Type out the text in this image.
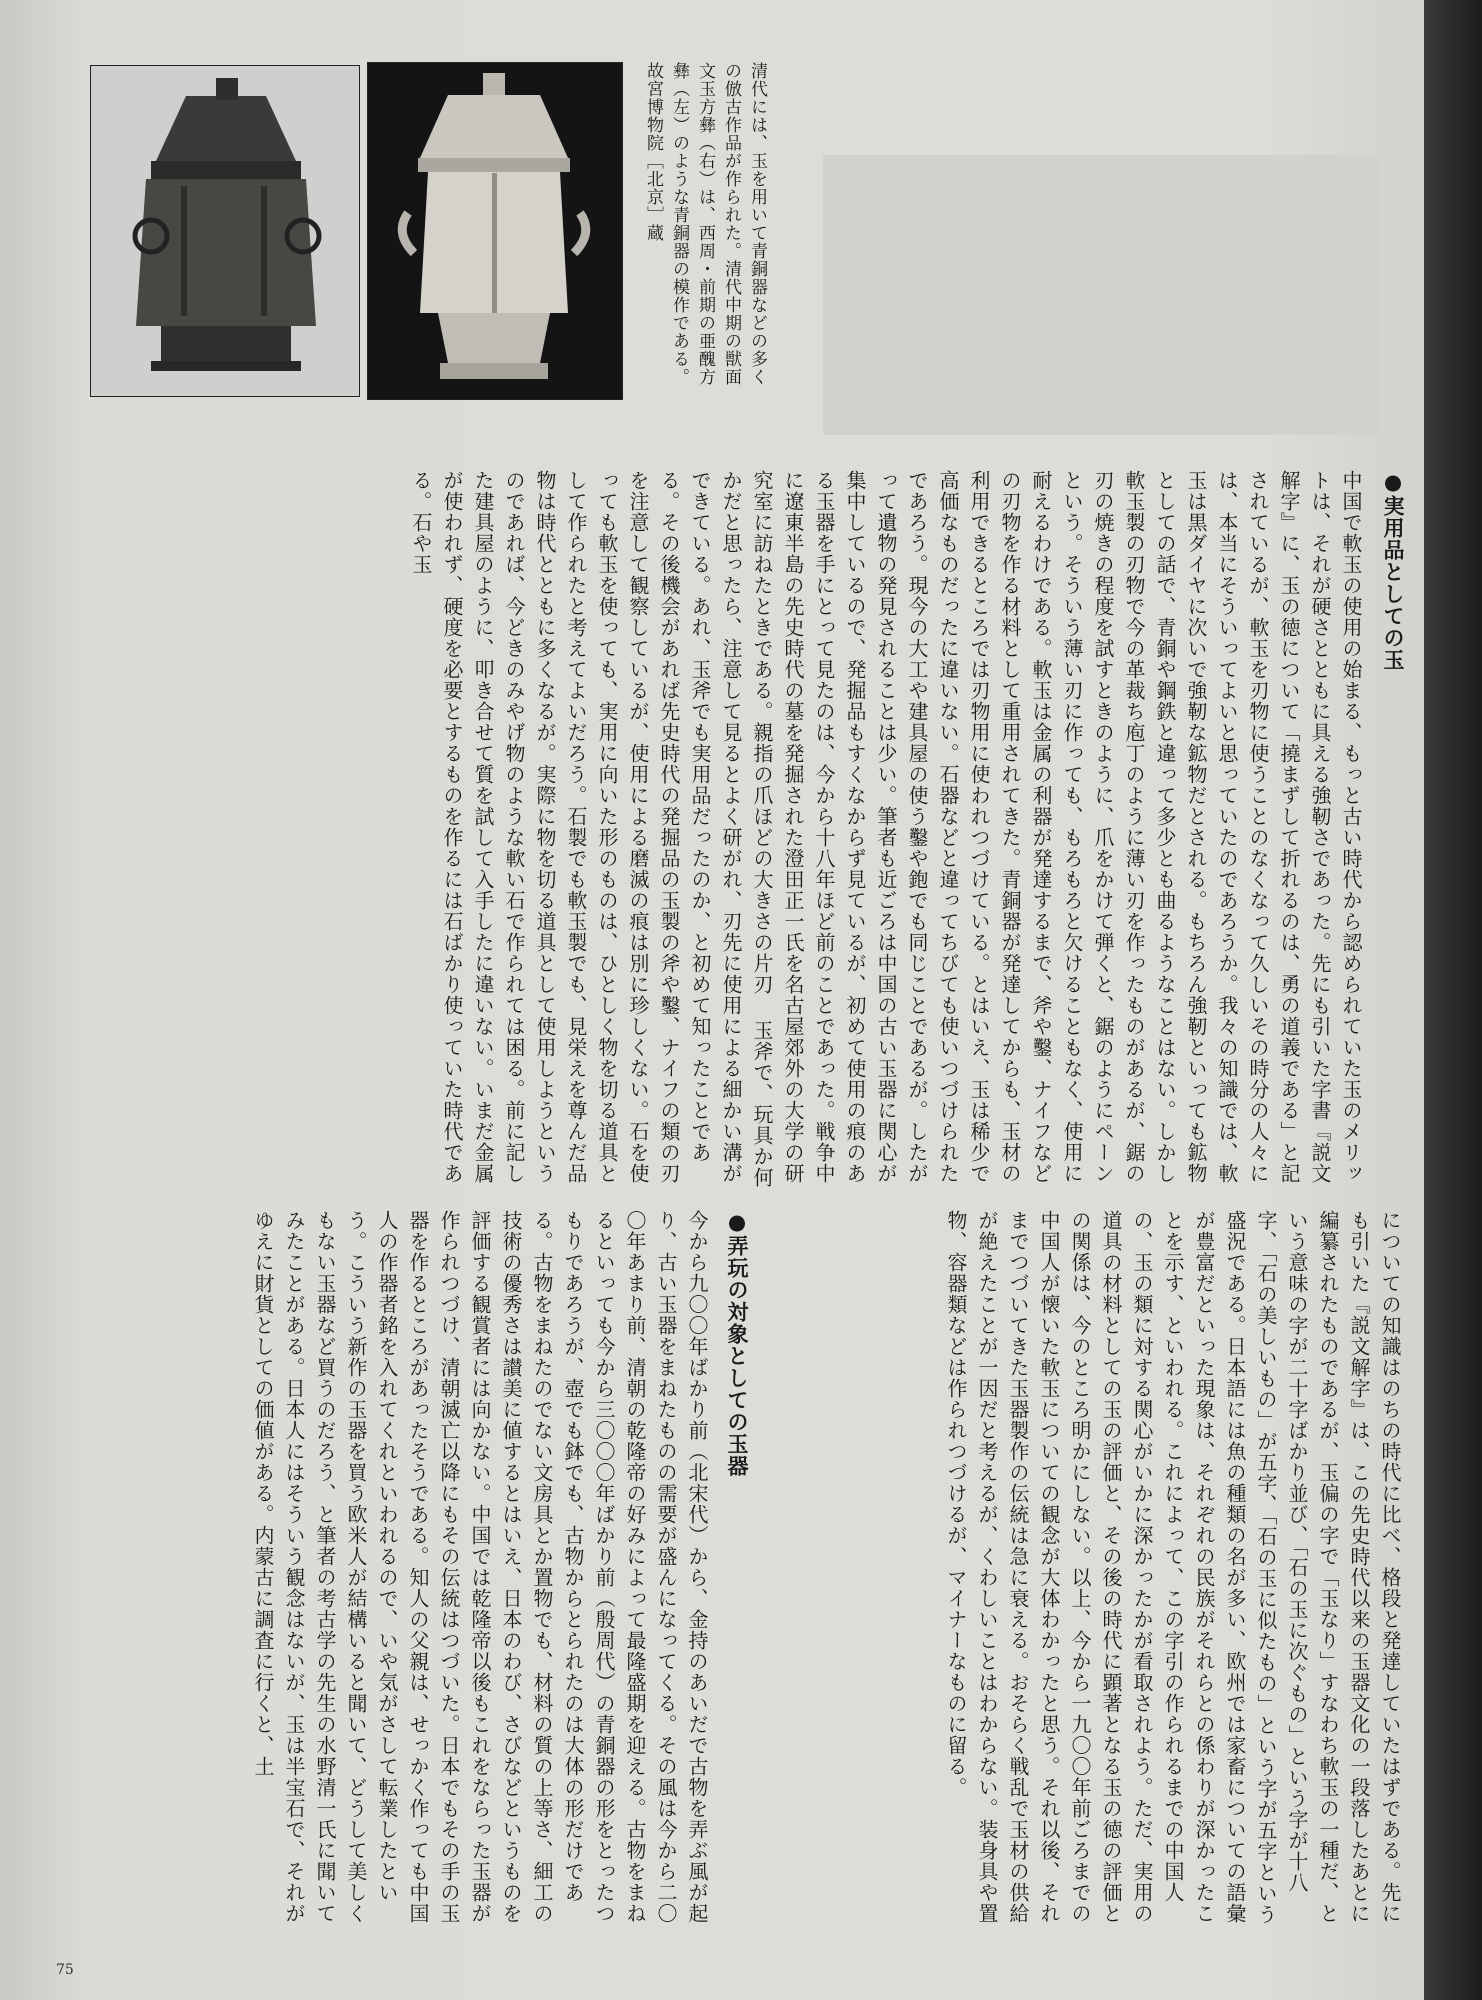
清代には、玉を用いて青銅器などの多くの倣古作品が作られた。清代中期の獣面文玉方彝（右）は、西周・前期の亜醜方彝（左）のような青銅器の模作である。故宮博物院［北京］蔵
●実用品としての玉
中国で軟玉の使用の始まる、もっと古い時代から認められていた玉のメリットは、それが硬さとともに具える強靭さであった。先にも引いた字書『説文解字』に、玉の徳について「撓まずして折れるのは、勇の道義である」と記されているが、軟玉を刃物に使うことのなくなって久しいその時分の人々には、本当にそういってよいと思っていたのであろうか。我々の知識では、軟玉は黒ダイヤに次いで強靭な鉱物だとされる。もちろん強靭といっても鉱物としての話で、青銅や鋼鉄と違って多少とも曲るようなことはない。しかし軟玉製の刃物で今の革裁ち庖丁のように薄い刃を作ったものがあるが、鋸の刃の焼きの程度を試すときのように、爪をかけて弾くと、鋸のようにペーンという。そういう薄い刃に作っても、もろもろと欠けることもなく、使用に耐えるわけである。軟玉は金属の利器が発達するまで、斧や鑿、ナイフなどの刃物を作る材料として重用されてきた。青銅器が発達してからも、玉材の利用できるところでは刃物用に使われつづけている。とはいえ、玉は稀少で高価なものだったに違いない。石器などと違ってちびても使いつづけられたであろう。現今の大工や建具屋の使う鑿や鉋でも同じことであるが。したがって遺物の発見されることは少い。筆者も近ごろは中国の古い玉器に関心が集中しているので、発掘品もすくなからず見ているが、初めて使用の痕のある玉器を手にとって見たのは、今から十八年ほど前のことであった。戦争中に遼東半島の先史時代の墓を発掘された澄田正一氏を名古屋郊外の大学の研究室に訪ねたときである。親指の爪ほどの大きさの片刃 玉斧で、玩具か何かだと思ったら、注意して見るとよく研がれ、刃先に使用による細かい溝ができている。あれ、玉斧でも実用品だったのか、と初めて知ったことである。その後機会があれば先史時代の発掘品の玉製の斧や鑿、ナイフの類の刃を注意して観察しているが、使用による磨滅の痕は別に珍しくない。石を使っても軟玉を使っても、実用に向いた形のものは、ひとしく物を切る道具として作られたと考えてよいだろう。石製でも軟玉製でも、見栄えを尊んだ品物は時代とともに多くなるが。実際に物を切る道具として使用しようというのであれば、今どきのみやげ物のような軟い石で作られては困る。前に記した建具屋のように、叩き合せて質を試して入手したに違いない。いまだ金属が使われず、硬度を必要とするものを作るには石ばかり使っていた時代である。石や玉
についての知識はのちの時代に比べ、格段と発達していたはずである。先にも引いた『説文解字』は、この先史時代以来の玉器文化の一段落したあとに編纂されたものであるが、玉偏の字で「玉なり」すなわち軟玉の一種だ、という意味の字が二十字ばかり並び、「石の玉に次ぐもの」という字が十八字、「石の美しいもの」が五字、「石の玉に似たもの」という字が五字という盛況である。日本語には魚の種類の名が多い、欧州では家畜についての語彙が豊富だといった現象は、それぞれの民族がそれらとの係わりが深かったことを示す、といわれる。これによって、この字引の作られるまでの中国人の、玉の類に対する関心がいかに深かったかが看取されよう。ただ、実用の道具の材料としての玉の評価と、その後の時代に顕著となる玉の徳の評価との関係は、今のところ明かにしない。以上、今から一九〇〇年前ごろまでの中国人が懐いた軟玉についての観念が大体わかったと思う。それ以後、それまでつづいてきた玉器製作の伝統は急に衰える。おそらく戦乱で玉材の供給が絶えたことが一因だと考えるが、くわしいことはわからない。装身具や置物、容器類などは作られつづけるが、マイナーなものに留る。
●弄玩の対象としての玉器
今から九〇〇年ばかり前（北宋代）から、金持のあいだで古物を弄ぶ風が起り、古い玉器をまねたものの需要が盛んになってくる。その風は今から二〇〇年あまり前、清朝の乾隆帝の好みによって最隆盛期を迎える。古物をまねるといっても今から三〇〇〇年ばかり前（殷周代）の青銅器の形をとったつもりであろうが、壺でも鉢でも、古物からとられたのは大体の形だけである。古物をまねたのでない文房具とか置物でも、材料の質の上等さ、細工の技術の優秀さは讃美に値するとはいえ、日本のわび、さびなどというものを評価する観賞者には向かない。中国では乾隆帝以後もこれをならった玉器が作られつづけ、清朝滅亡以降にもその伝統はつづいた。日本でもその手の玉器を作るところがあったそうである。知人の父親は、せっかく作っても中国人の作器者銘を入れてくれといわれるので、いや気がさして転業したという。こういう新作の玉器を買う欧米人が結構いると聞いて、どうして美しくもない玉器など買うのだろう、と筆者の考古学の先生の水野清一氏に聞いてみたことがある。日本人にはそういう観念はないが、玉は半宝石で、それがゆえに財貨としての価値がある。内蒙古に調査に行くと、土
75
